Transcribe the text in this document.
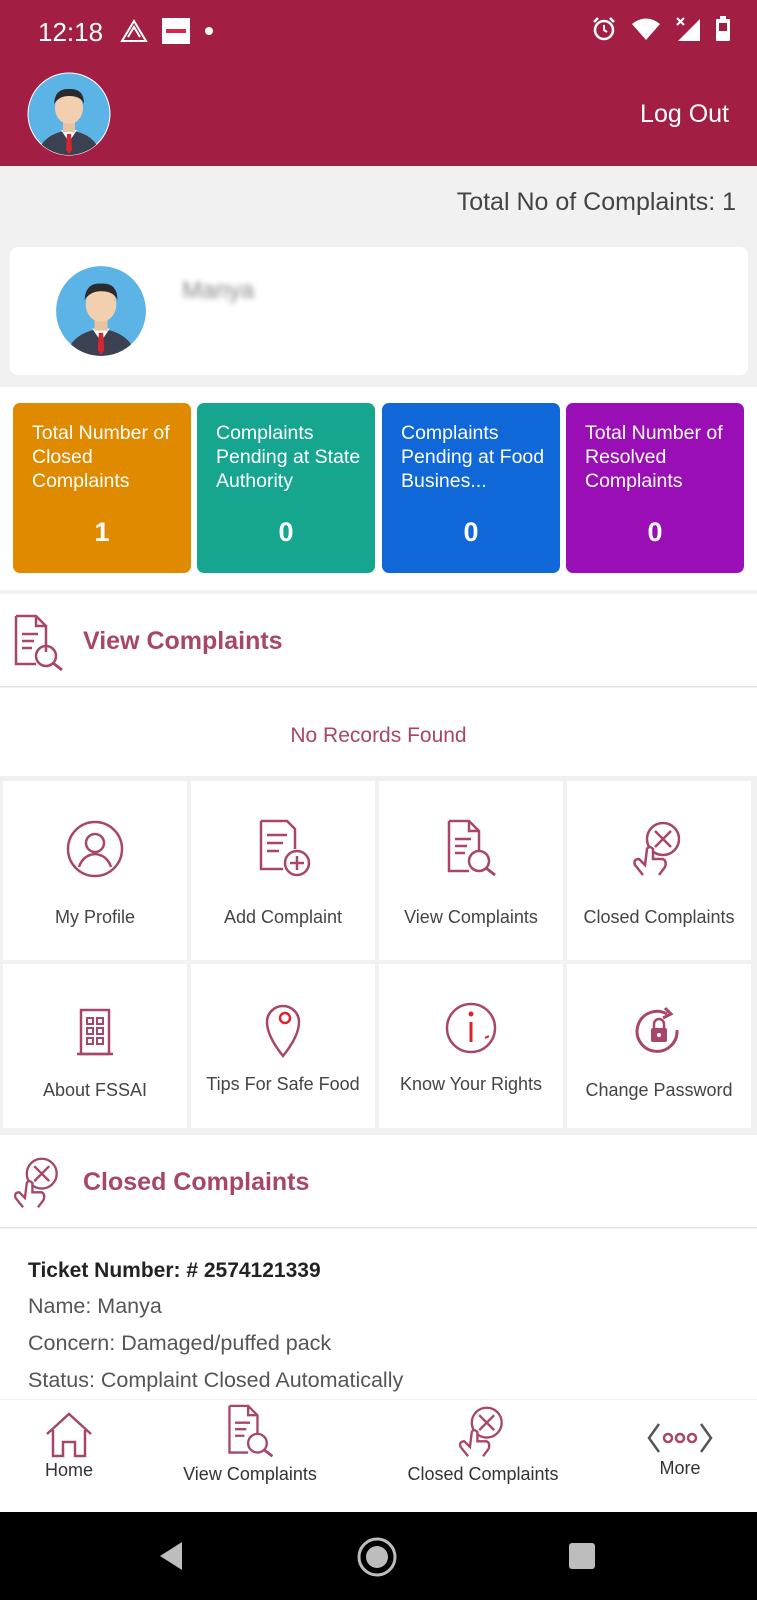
12:18
Log Out
Total No of Complaints: 1
Manya
Total Number of Closed Complaints
1
Complaints Pending at State Authority
0
Complaints Pending at Food Busines...
0
Total Number of Resolved Complaints
0
View Complaints
No Records Found
My Profile	Add Complaint	View Complaints	Closed Complaints
About FSSAI	Tips For Safe Food	Know Your Rights	Change Password
Closed Complaints
Ticket Number: # 2574121339
Name: Manya
Concern: Damaged/puffed pack
Status: Complaint Closed Automatically
Home	View Complaints	Closed Complaints	More
